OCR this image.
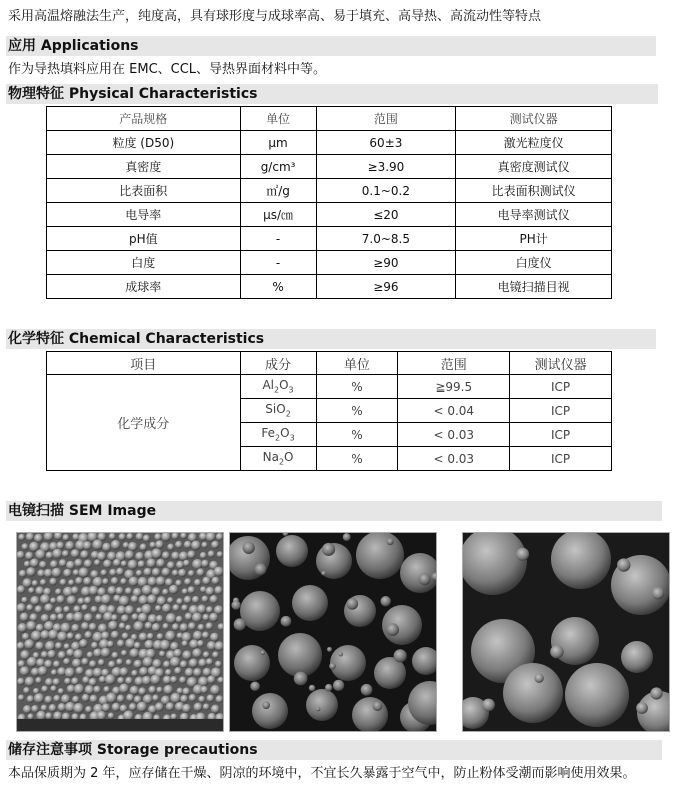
采用高温熔融法生产，纯度高，具有球形度与成球率高、易于填充、高导热、高流动性等特点
应用 Applications
作为导热填料应用在 EMC、CCL、导热界面材料中等。
物理特征 Physical Characteristics
产品规格	单位	范围	测试仪器
粒度 (D50)	μm	60±3	激光粒度仪
真密度	g/cm³	≥3.90	真密度测试仪
比表面积	㎡/g	0.1~0.2	比表面积测试仪
电导率	μs/㎝	≤20	电导率测试仪
pH值	-	7.0~8.5	PH计
白度	-	≥90	白度仪
成球率	%	≥96	电镜扫描目视
化学特征 Chemical Characteristics
项目	成分	单位	范围	测试仪器
化学成分	$Al_2O_3$	%	≧99.5	ICP
	SiO$_2$	%	< 0.04	ICP
	$Fe_2O_3$	%	< 0.03	ICP
	$Na_2O$	%	< 0.03	ICP
电镜扫描 SEM Image
储存注意事项 Storage precautions
本品保质期为 2 年，应存储在干燥、阴凉的环境中，不宜长久暴露于空气中，防止粉体受潮而影响使用效果。
